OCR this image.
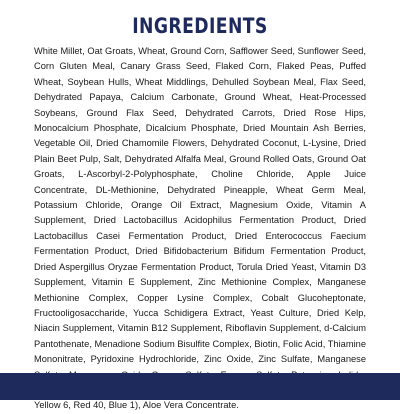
INGREDIENTS

White Millet, Oat Groats, Wheat, Ground Corn, Safflower Seed, Sunflower Seed, Corn Gluten Meal, Canary Grass Seed, Flaked Corn, Flaked Peas, Puffed Wheat, Soybean Hulls, Wheat Middlings, Dehulled Soybean Meal, Flax Seed, Dehydrated Papaya, Calcium Carbonate, Ground Wheat, Heat-Processed Soybeans, Ground Flax Seed, Dehydrated Carrots, Dried Rose Hips, Monocalcium Phosphate, Dicalcium Phosphate, Dried Mountain Ash Berries, Vegetable Oil, Dried Chamomile Flowers, Dehydrated Coconut, L-Lysine, Dried Plain Beet Pulp, Salt, Dehydrated Alfalfa Meal, Ground Rolled Oats, Ground Oat Groats, L-Ascorbyl-2-Polyphosphate, Choline Chloride, Apple Juice Concentrate, DL-Methionine, Dehydrated Pineapple, Wheat Germ Meal, Potassium Chloride, Orange Oil Extract, Magnesium Oxide, Vitamin A Supplement, Dried Lactobacillus Acidophilus Fermentation Product, Dried Lactobacillus Casei Fermentation Product, Dried Enterococcus Faecium Fermentation Product, Dried Bifidobacterium Bifidum Fermentation Product, Dried Aspergillus Oryzae Fermentation Product, Torula Dried Yeast, Vitamin D3 Supplement, Vitamin E Supplement, Zinc Methionine Complex, Manganese Methionine Complex, Copper Lysine Complex, Cobalt Glucoheptonate, Fructooligosaccharide, Yucca Schidigera Extract, Yeast Culture, Dried Kelp, Niacin Supplement, Vitamin B12 Supplement, Riboflavin Supplement, d-Calcium Pantothenate, Menadione Sodium Bisulfite Complex, Biotin, Folic Acid, Thiamine Mononitrate, Pyridoxine Hydrochloride, Zinc Oxide, Zinc Sulfate, Manganese Yellow 6, Red 40, Blue 1), Aloe Vera Concentrate.
